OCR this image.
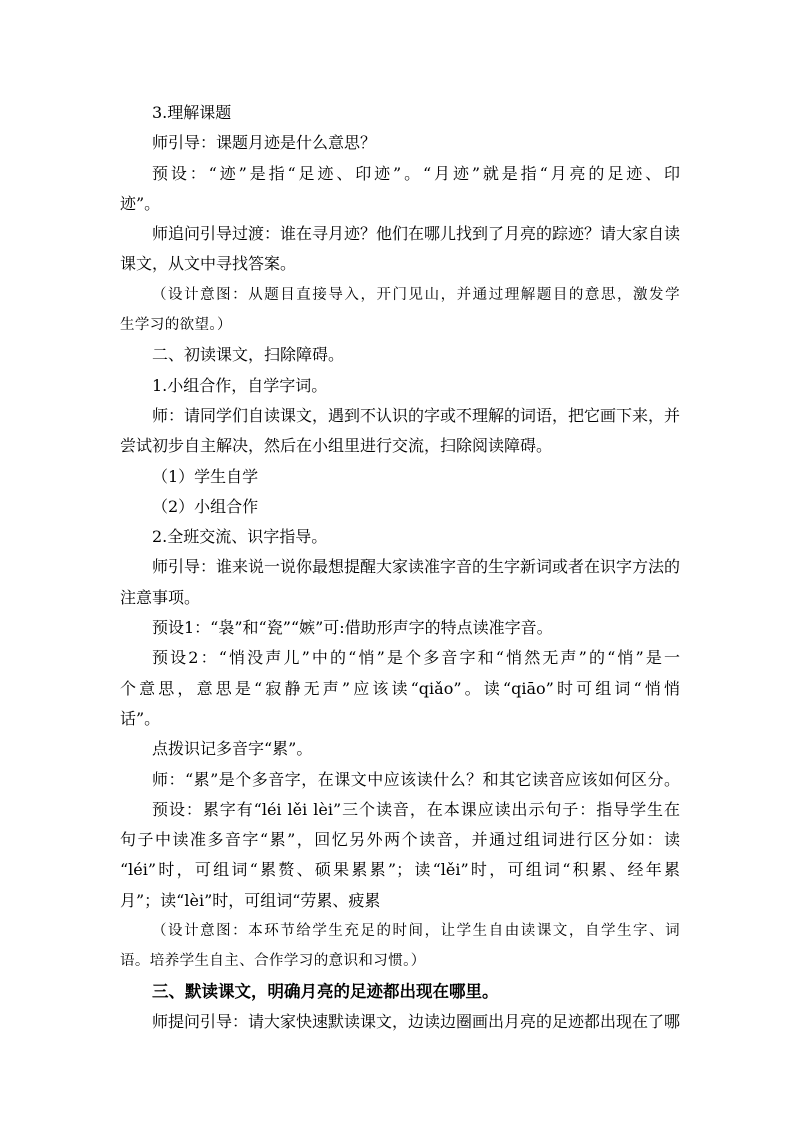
3.理解课题

师引导：课题月迹是什么意思？

预设：“迹”是指“足迹、印迹”。“月迹”就是指“月亮的足迹、印

迹”。

师追问引导过渡：谁在寻月迹？他们在哪儿找到了月亮的踪迹？请大家自读

课文，从文中寻找答案。

（设计意图：从题目直接导入，开门见山，并通过理解题目的意思，激发学

生学习的欲望。）

二、初读课文，扫除障碍。

1.小组合作，自学字词。

师：请同学们自读课文，遇到不认识的字或不理解的词语，把它画下来，并

尝试初步自主解决，然后在小组里进行交流，扫除阅读障碍。

（1）学生自学

（2）小组合作

2.全班交流、识字指导。

师引导：谁来说一说你最想提醒大家读准字音的生字新词或者在识字方法的

注意事项。

预设1：“袅”和“瓷”“嫉”可:借助形声字的特点读准字音。

预设2：“悄没声儿”中的“悄”是个多音字和“悄然无声”的“悄”是一

个意思，意思是“寂静无声”应该读“qiǎo”。读“qiāo”时可组词“悄悄

话”。

点拨识记多音字“累”。

师：“累”是个多音字，在课文中应该读什么？和其它读音应该如何区分。

预设：累字有“léi lěi lèi”三个读音，在本课应读出示句子：指导学生在

句子中读准多音字“累”，回忆另外两个读音，并通过组词进行区分如：读

“léi”时，可组词“累赘、硕果累累”；读“lěi”时，可组词“积累、经年累

月”；读“lèi”时，可组词“劳累、疲累

（设计意图：本环节给学生充足的时间，让学生自由读课文，自学生字、词

语。培养学生自主、合作学习的意识和习惯。）

三、默读课文，明确月亮的足迹都出现在哪里。

师提问引导：请大家快速默读课文，边读边圈画出月亮的足迹都出现在了哪
